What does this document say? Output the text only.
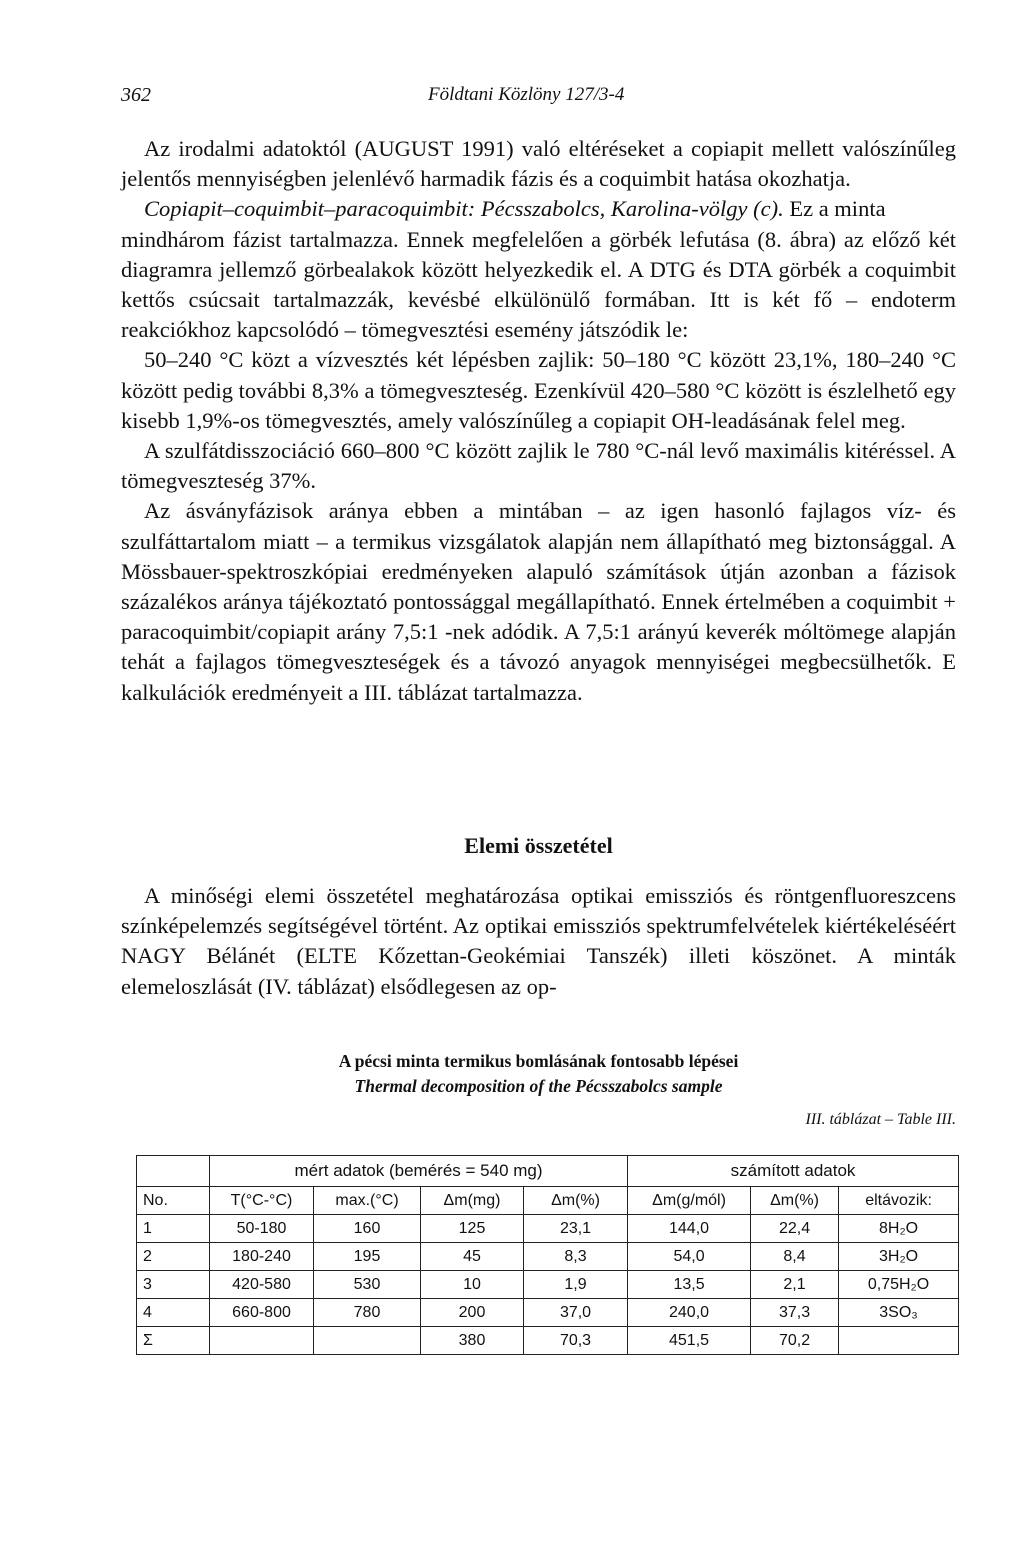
362	Földtani Közlöny 127/3-4

Az irodalmi adatoktól (AUGUST 1991) való eltéréseket a copiapit mellett valószínűleg jelentős mennyiségben jelenlévő harmadik fázis és a coquimbit hatása okozhatja.

Copiapit–coquimbit–paracoquimbit: Pécsszabolcs, Karolina-völgy (c). Ez a minta

mindhárom fázist tartalmazza. Ennek megfelelően a görbék lefutása (8. ábra) az előző két diagramra jellemző görbealakok között helyezkedik el. A DTG és DTA görbék a coquimbit kettős csúcsait tartalmazzák, kevésbé elkülönülő formában. Itt is két fő – endoterm reakciókhoz kapcsolódó – tömegvesztési esemény játszódik le:

50–240 °C közt a vízvesztés két lépésben zajlik: 50–180 °C között 23,1%, 180–240 °C között pedig további 8,3% a tömegveszteség. Ezenkívül 420–580 °C között is észlelhető egy kisebb 1,9%-os tömegvesztés, amely valószínűleg a copiapit OH-leadásának felel meg.

A szulfátdisszociáció 660–800 °C között zajlik le 780 °C-nál levő maximális kitéréssel. A tömegveszteség 37%.

Az ásványfázisok aránya ebben a mintában – az igen hasonló fajlagos víz- és szulfáttartalom miatt – a termikus vizsgálatok alapján nem állapítható meg biztonsággal. A Mössbauer-spektroszkópiai eredményeken alapuló számítások útján azonban a fázisok százalékos aránya tájékoztató pontossággal megállapítható. Ennek értelmében a coquimbit + paracoquimbit/copiapit arány 7,5:1 -nek adódik. A 7,5:1 arányú keverék móltömege alapján tehát a fajlagos tömegveszteségek és a távozó anyagok mennyiségei megbecsülhetők. E kalkulációk eredményeit a III. táblázat tartalmazza.

Elemi összetétel

A minőségi elemi összetétel meghatározása optikai emissziós és röntgenfluoreszcens színképelemzés segítségével történt. Az optikai emissziós spektrumfelvételek kiértékeléséért NAGY Bélánét (ELTE Kőzettan-Geokémiai Tanszék) illeti köszönet. A minták elemeloszlását (IV. táblázat) elsődlegesen az op-

A pécsi minta termikus bomlásának fontosabb lépései
Thermal decomposition of the Pécsszabolcs sample
III. táblázat – Table III.
	mért adatok (bemérés = 540 mg)				számított adatok		
No.	T(°C-°C)	max.(°C)	Δm(mg)	Δm(%)	Δm(g/mól)	Δm(%)	eltávozik:
1	50-180	160	125	23,1	144,0	22,4	8H₂O
2	180-240	195	45	8,3	54,0	8,4	3H₂O
3	420-580	530	10	1,9	13,5	2,1	0,75H₂O
4	660-800	780	200	37,0	240,0	37,3	3SO₃
Σ			380	70,3	451,5	70,2	
